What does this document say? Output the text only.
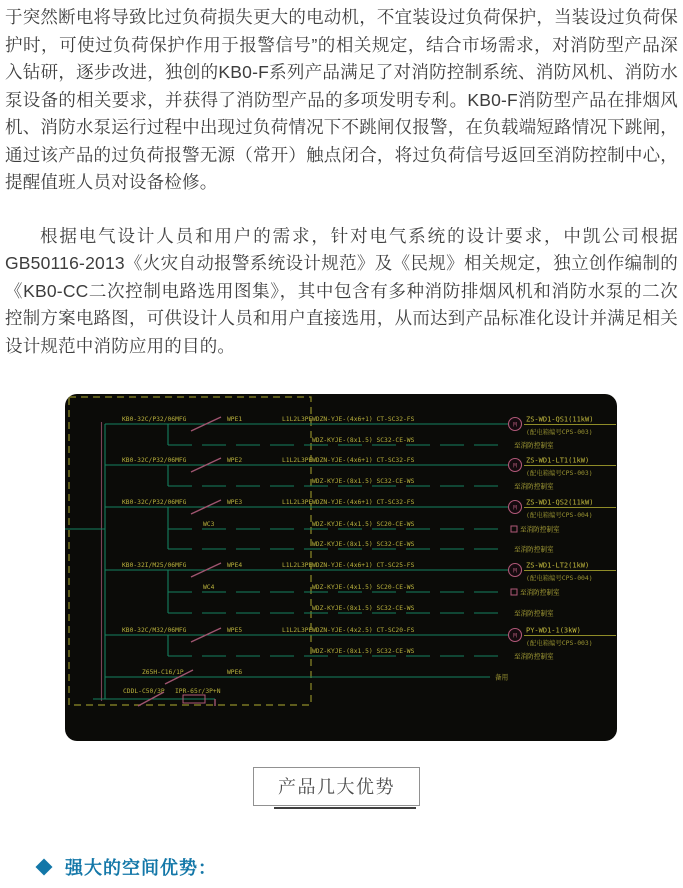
于突然断电将导致比过负荷损失更大的电动机，不宜装设过负荷保护，当装设过负荷保护时，可使过负荷保护作用于报警信号”的相关规定，结合市场需求，对消防型产品深入钻研，逐步改进，独创的KB0-F系列产品满足了对消防控制系统、消防风机、消防水泵设备的相关要求，并获得了消防型产品的多项发明专利。KB0-F消防型产品在排烟风机、消防水泵运行过程中出现过负荷情况下不跳闸仅报警，在负载端短路情况下跳闸，通过该产品的过负荷报警无源（常开）触点闭合，将过负荷信号返回至消防控制中心，提醒值班人员对设备检修。

根据电气设计人员和用户的需求，针对电气系统的设计要求，中凯公司根据GB50116-2013《火灾自动报警系统设计规范》及《民规》相关规定，独立创作编制的《KB0-CC二次控制电路选用图集》，其中包含有多种消防排烟风机和消防水泵的二次控制方案电路图，可供设计人员和用户直接选用，从而达到产品标准化设计并满足相关设计规范中消防应用的目的。

KB0-32C/P32/06MFG	WPE1	L1L2L3PE WDZN-YJE-(4x6+1) CT-SC32-FS
M
ZS-WD1-QS1(11kW)
(配电箱编号CPS-003)
WDZ-KYJE-(8x1.5) SC32-CE-WS
至消防控制室
KB0-32C/P32/06MFG	WPE2	L1L2L3PE WDZN-YJE-(4x6+1) CT-SC32-FS
M
ZS-WD1-LT1(1kW)
(配电箱编号CPS-003)
WDZ-KYJE-(8x1.5) SC32-CE-WS
至消防控制室
KB0-32C/P32/06MFG	WPE3	L1L2L3PE WDZN-YJE-(4x6+1) CT-SC32-FS
M
ZS-WD1-QS2(11kW)
(配电箱编号CPS-004)
WC3	WDZ-KYJE-(4x1.5) SC20-CE-WS
至消防控制室
WDZ-KYJE-(8x1.5) SC32-CE-WS
至消防控制室
KB0-32I/M25/06MFG	WPE4	L1L2L3PE WDZN-YJE-(4x6+1) CT-SC25-FS
M
ZS-WD1-LT2(1kW)
(配电箱编号CPS-004)
WC4	WDZ-KYJE-(4x1.5) SC20-CE-WS
至消防控制室
WDZ-KYJE-(8x1.5) SC32-CE-WS
至消防控制室
KB0-32C/M32/06MFG	WPE5	L1L2L3PE WDZN-YJE-(4x2.5) CT-SC20-FS
M
PY-WD1-1(3kW)
(配电箱编号CPS-003)
WDZ-KYJE-(8x1.5) SC32-CE-WS
至消防控制室
Z65H-C16/1P	WPE6
备用
CDDL-C50/3P IPR-65r/3P+N
产品几大优势
强大的空间优势：
